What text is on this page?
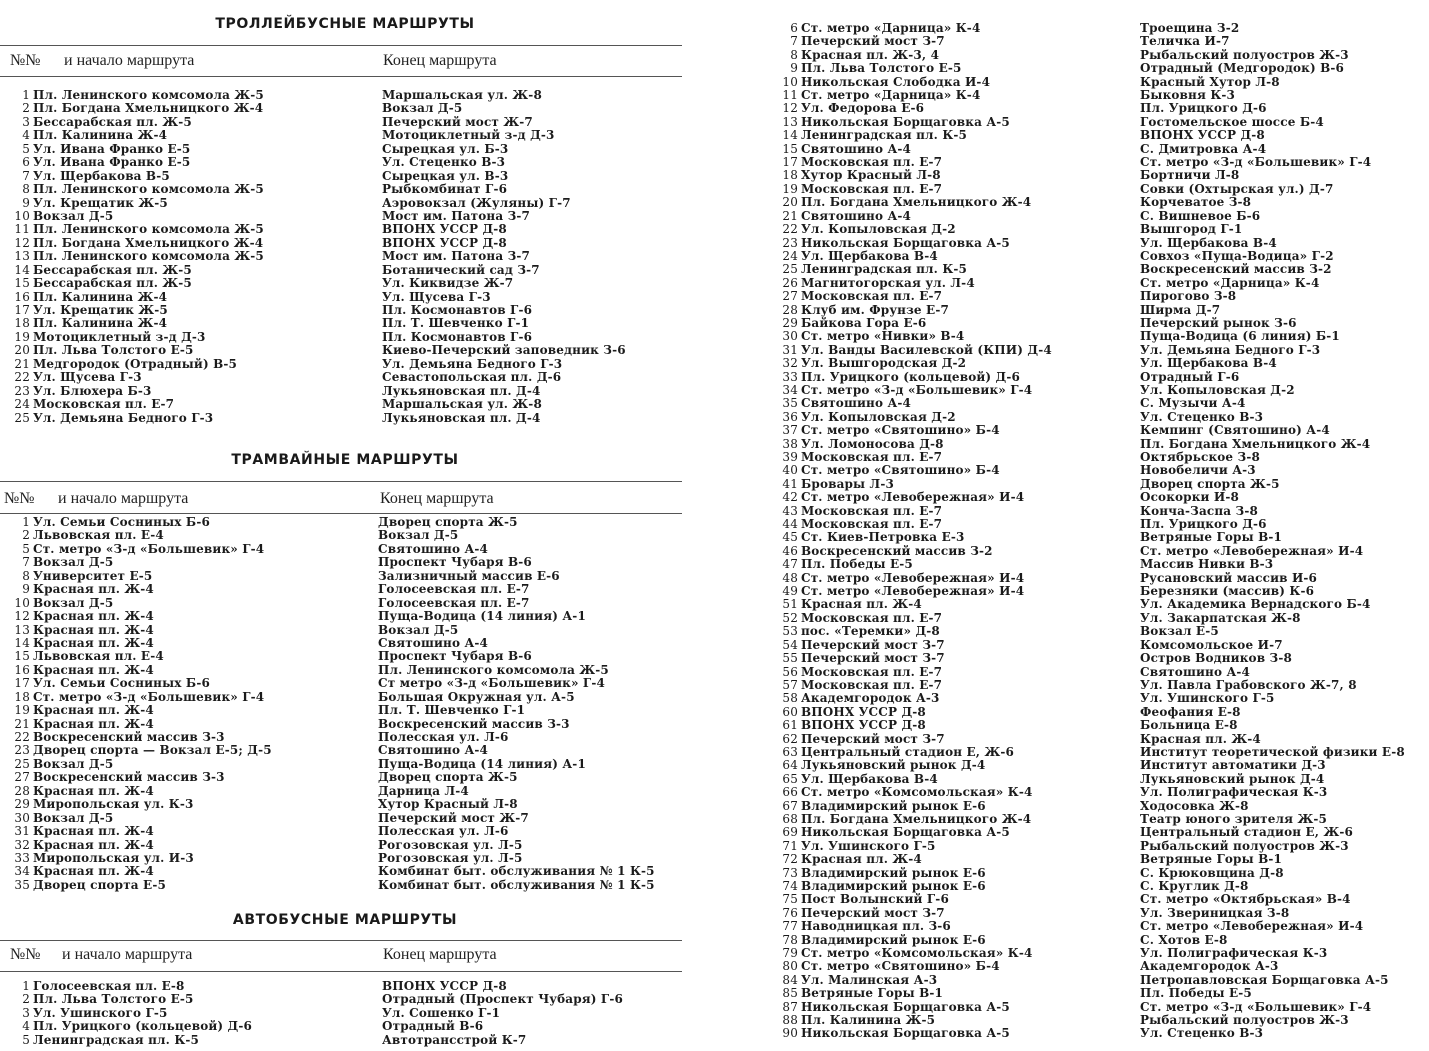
ТРОЛЛЕЙБУСНЫЕ МАРШРУТЫ
№№ и начало маршрута	Конец маршрута
1 Пл. Ленинского комсомола Ж-5	Маршальская ул. Ж-8
2 Пл. Богдана Хмельницкого Ж-4	Вокзал Д-5
3 Бессарабская пл. Ж-5	Печерский мост Ж-7
4 Пл. Калинина Ж-4	Мотоциклетный з-д Д-3
5 Ул. Ивана Франко Е-5	Сырецкая ул. Б-3
6 Ул. Ивана Франко Е-5	Ул. Стеценко В-3
7 Ул. Щербакова В-5	Сырецкая ул. В-3
8 Пл. Ленинского комсомола Ж-5	Рыбкомбинат Г-6
9 Ул. Крещатик Ж-5	Аэровокзал (Жуляны) Г-7
10 Вокзал Д-5	Мост им. Патона З-7
11 Пл. Ленинского комсомола Ж-5	ВПОНХ УССР Д-8
12 Пл. Богдана Хмельницкого Ж-4	ВПОНХ УССР Д-8
13 Пл. Ленинского комсомола Ж-5	Мост им. Патона З-7
14 Бессарабская пл. Ж-5	Ботанический сад З-7
15 Бессарабская пл. Ж-5	Ул. Киквидзе Ж-7
16 Пл. Калинина Ж-4	Ул. Щусева Г-3
17 Ул. Крещатик Ж-5	Пл. Космонавтов Г-6
18 Пл. Калинина Ж-4	Пл. Т. Шевченко Г-1
19 Мотоциклетный з-д Д-3	Пл. Космонавтов Г-6
20 Пл. Льва Толстого Е-5	Киево-Печерский заповедник З-6
21 Медгородок (Отрадный) В-5	Ул. Демьяна Бедного Г-3
22 Ул. Щусева Г-3	Севастопольская пл. Д-6
23 Ул. Блюхера Б-3	Лукьяновская пл. Д-4
24 Московская пл. Е-7	Маршальская ул. Ж-8
25 Ул. Демьяна Бедного Г-3	Лукьяновская пл. Д-4
ТРАМВАЙНЫЕ МАРШРУТЫ
№№ и начало маршрута	Конец маршрута
1 Ул. Семьи Сосниных Б-6	Дворец спорта Ж-5
2 Львовская пл. Е-4	Вокзал Д-5
5 Ст. метро «З-д «Большевик» Г-4	Святошино А-4
7 Вокзал Д-5	Проспект Чубаря В-6
8 Университет Е-5	Зализничный массив Е-6
9 Красная пл. Ж-4	Голосеевская пл. Е-7
10 Вокзал Д-5	Голосеевская пл. Е-7
12 Красная пл. Ж-4	Пуща-Водица (14 линия) А-1
13 Красная пл. Ж-4	Вокзал Д-5
14 Красная пл. Ж-4	Святошино А-4
15 Львовская пл. Е-4	Проспект Чубаря В-6
16 Красная пл. Ж-4	Пл. Ленинского комсомола Ж-5
17 Ул. Семьи Сосниных Б-6	Ст метро «З-д «Большевик» Г-4
18 Ст. метро «З-д «Большевик» Г-4	Большая Окружная ул. А-5
19 Красная пл. Ж-4	Пл. Т. Шевченко Г-1
21 Красная пл. Ж-4	Воскресенский массив З-3
22 Воскресенский массив З-3	Полесская ул. Л-6
23 Дворец спорта — Вокзал Е-5; Д-5	Святошино А-4
25 Вокзал Д-5	Пуща-Водица (14 линия) А-1
27 Воскресенский массив З-3	Дворец спорта Ж-5
28 Красная пл. Ж-4	Дарница Л-4
29 Миропольская ул. К-3	Хутор Красный Л-8
30 Вокзал Д-5	Печерский мост Ж-7
31 Красная пл. Ж-4	Полесская ул. Л-6
32 Красная пл. Ж-4	Рогозовская ул. Л-5
33 Миропольская ул. И-3	Рогозовская ул. Л-5
34 Красная пл. Ж-4	Комбинат быт. обслуживания № 1 К-5
35 Дворец спорта Е-5	Комбинат быт. обслуживания № 1 К-5
АВТОБУСНЫЕ МАРШРУТЫ
№№ и начало маршрута	Конец маршрута
1 Голосеевская пл. Е-8	ВПОНХ УССР Д-8
2 Пл. Льва Толстого Е-5	Отрадный (Проспект Чубаря) Г-6
3 Ул. Ушинского Г-5	Ул. Сошенко Г-1
4 Пл. Урицкого (кольцевой) Д-6	Отрадный В-6
5 Ленинградская пл. К-5	Автотрансстрой К-7
6 Ст. метро «Дарница» К-4	Троещина З-2
7 Печерский мост З-7	Теличка И-7
8 Красная пл. Ж-3, 4	Рыбальский полуостров Ж-3
9 Пл. Льва Толстого Е-5	Отрадный (Медгородок) В-6
10 Никольская Слободка И-4	Красный Хутор Л-8
11 Ст. метро «Дарница» К-4	Быковня К-3
12 Ул. Федорова Е-6	Пл. Урицкого Д-6
13 Никольская Борщаговка А-5	Гостомельское шоссе Б-4
14 Ленинградская пл. К-5	ВПОНХ УССР Д-8
15 Святошино А-4	С. Дмитровка А-4
17 Московская пл. Е-7	Ст. метро «З-д «Большевик» Г-4
18 Хутор Красный Л-8	Бортничи Л-8
19 Московская пл. Е-7	Совки (Охтырская ул.) Д-7
20 Пл. Богдана Хмельницкого Ж-4	Корчеватое З-8
21 Святошино А-4	С. Вишневое Б-6
22 Ул. Копыловская Д-2	Вышгород Г-1
23 Никольская Борщаговка А-5	Ул. Щербакова В-4
24 Ул. Щербакова В-4	Совхоз «Пуща-Водица» Г-2
25 Ленинградская пл. К-5	Воскресенский массив З-2
26 Магнитогорская ул. Л-4	Ст. метро «Дарница» К-4
27 Московская пл. Е-7	Пирогово З-8
28 Клуб им. Фрунзе Е-7	Ширма Д-7
29 Байкова Гора Е-6	Печерский рынок З-6
30 Ст. метро «Нивки» В-4	Пуща-Водица (6 линия) Б-1
31 Ул. Ванды Василевской (КПИ) Д-4	Ул. Демьяна Бедного Г-3
32 Ул. Вышгородская Д-2	Ул. Щербакова В-4
33 Пл. Урицкого (кольцевой) Д-6	Отрадный Г-6
34 Ст. метро «З-д «Большевик» Г-4	Ул. Копыловская Д-2
35 Святошино А-4	С. Музычи А-4
36 Ул. Копыловская Д-2	Ул. Стеценко В-3
37 Ст. метро «Святошино» Б-4	Кемпинг (Святошино) А-4
38 Ул. Ломоносова Д-8	Пл. Богдана Хмельницкого Ж-4
39 Московская пл. Е-7	Октябрьское З-8
40 Ст. метро «Святошино» Б-4	Новобеличи А-3
41 Бровары Л-3	Дворец спорта Ж-5
42 Ст. метро «Левобережная» И-4	Осокорки И-8
43 Московская пл. Е-7	Конча-Заспа З-8
44 Московская пл. Е-7	Пл. Урицкого Д-6
45 Ст. Киев-Петровка Е-3	Ветряные Горы В-1
46 Воскресенский массив З-2	Ст. метро «Левобережная» И-4
47 Пл. Победы Е-5	Массив Нивки В-3
48 Ст. метро «Левобережная» И-4	Русановский массив И-6
49 Ст. метро «Левобережная» И-4	Березняки (массив) К-6
51 Красная пл. Ж-4	Ул. Академика Вернадского Б-4
52 Московская пл. Е-7	Ул. Закарпатская Ж-8
53 пос. «Теремки» Д-8	Вокзал Е-5
54 Печерский мост З-7	Комсомольское И-7
55 Печерский мост З-7	Остров Водников З-8
56 Московская пл. Е-7	Святошино А-4
57 Московская пл. Е-7	Ул. Павла Грабовского Ж-7, 8
58 Академгородок А-3	Ул. Ушинского Г-5
60 ВПОНХ УССР Д-8	Феофания Е-8
61 ВПОНХ УССР Д-8	Больница Е-8
62 Печерский мост З-7	Красная пл. Ж-4
63 Центральный стадион Е, Ж-6	Институт теоретической физики Е-8
64 Лукьяновский рынок Д-4	Институт автоматики Д-3
65 Ул. Щербакова В-4	Лукьяновский рынок Д-4
66 Ст. метро «Комсомольская» К-4	Ул. Полиграфическая К-3
67 Владимирский рынок Е-6	Ходосовка Ж-8
68 Пл. Богдана Хмельницкого Ж-4	Театр юного зрителя Ж-5
69 Никольская Борщаговка А-5	Центральный стадион Е, Ж-6
71 Ул. Ушинского Г-5	Рыбальский полуостров Ж-3
72 Красная пл. Ж-4	Ветряные Горы В-1
73 Владимирский рынок Е-6	С. Крюковщина Д-8
74 Владимирский рынок Е-6	С. Круглик Д-8
75 Пост Волынский Г-6	Ст. метро «Октябрьская» В-4
76 Печерский мост З-7	Ул. Звериницкая З-8
77 Наводницкая пл. З-6	Ст. метро «Левобережная» И-4
78 Владимирский рынок Е-6	С. Хотов Е-8
79 Ст. метро «Комсомольская» К-4	Ул. Полиграфическая К-3
80 Ст. метро «Святошино» Б-4	Академгородок А-3
84 Ул. Малинская А-3	Петропавловская Борщаговка А-5
85 Ветряные Горы В-1	Пл. Победы Е-5
87 Никольская Борщаговка А-5	Ст. метро «З-д «Большевик» Г-4
88 Пл. Калинина Ж-5	Рыбальский полуостров Ж-3
90 Никольская Борщаговка А-5	Ул. Стеценко В-3
